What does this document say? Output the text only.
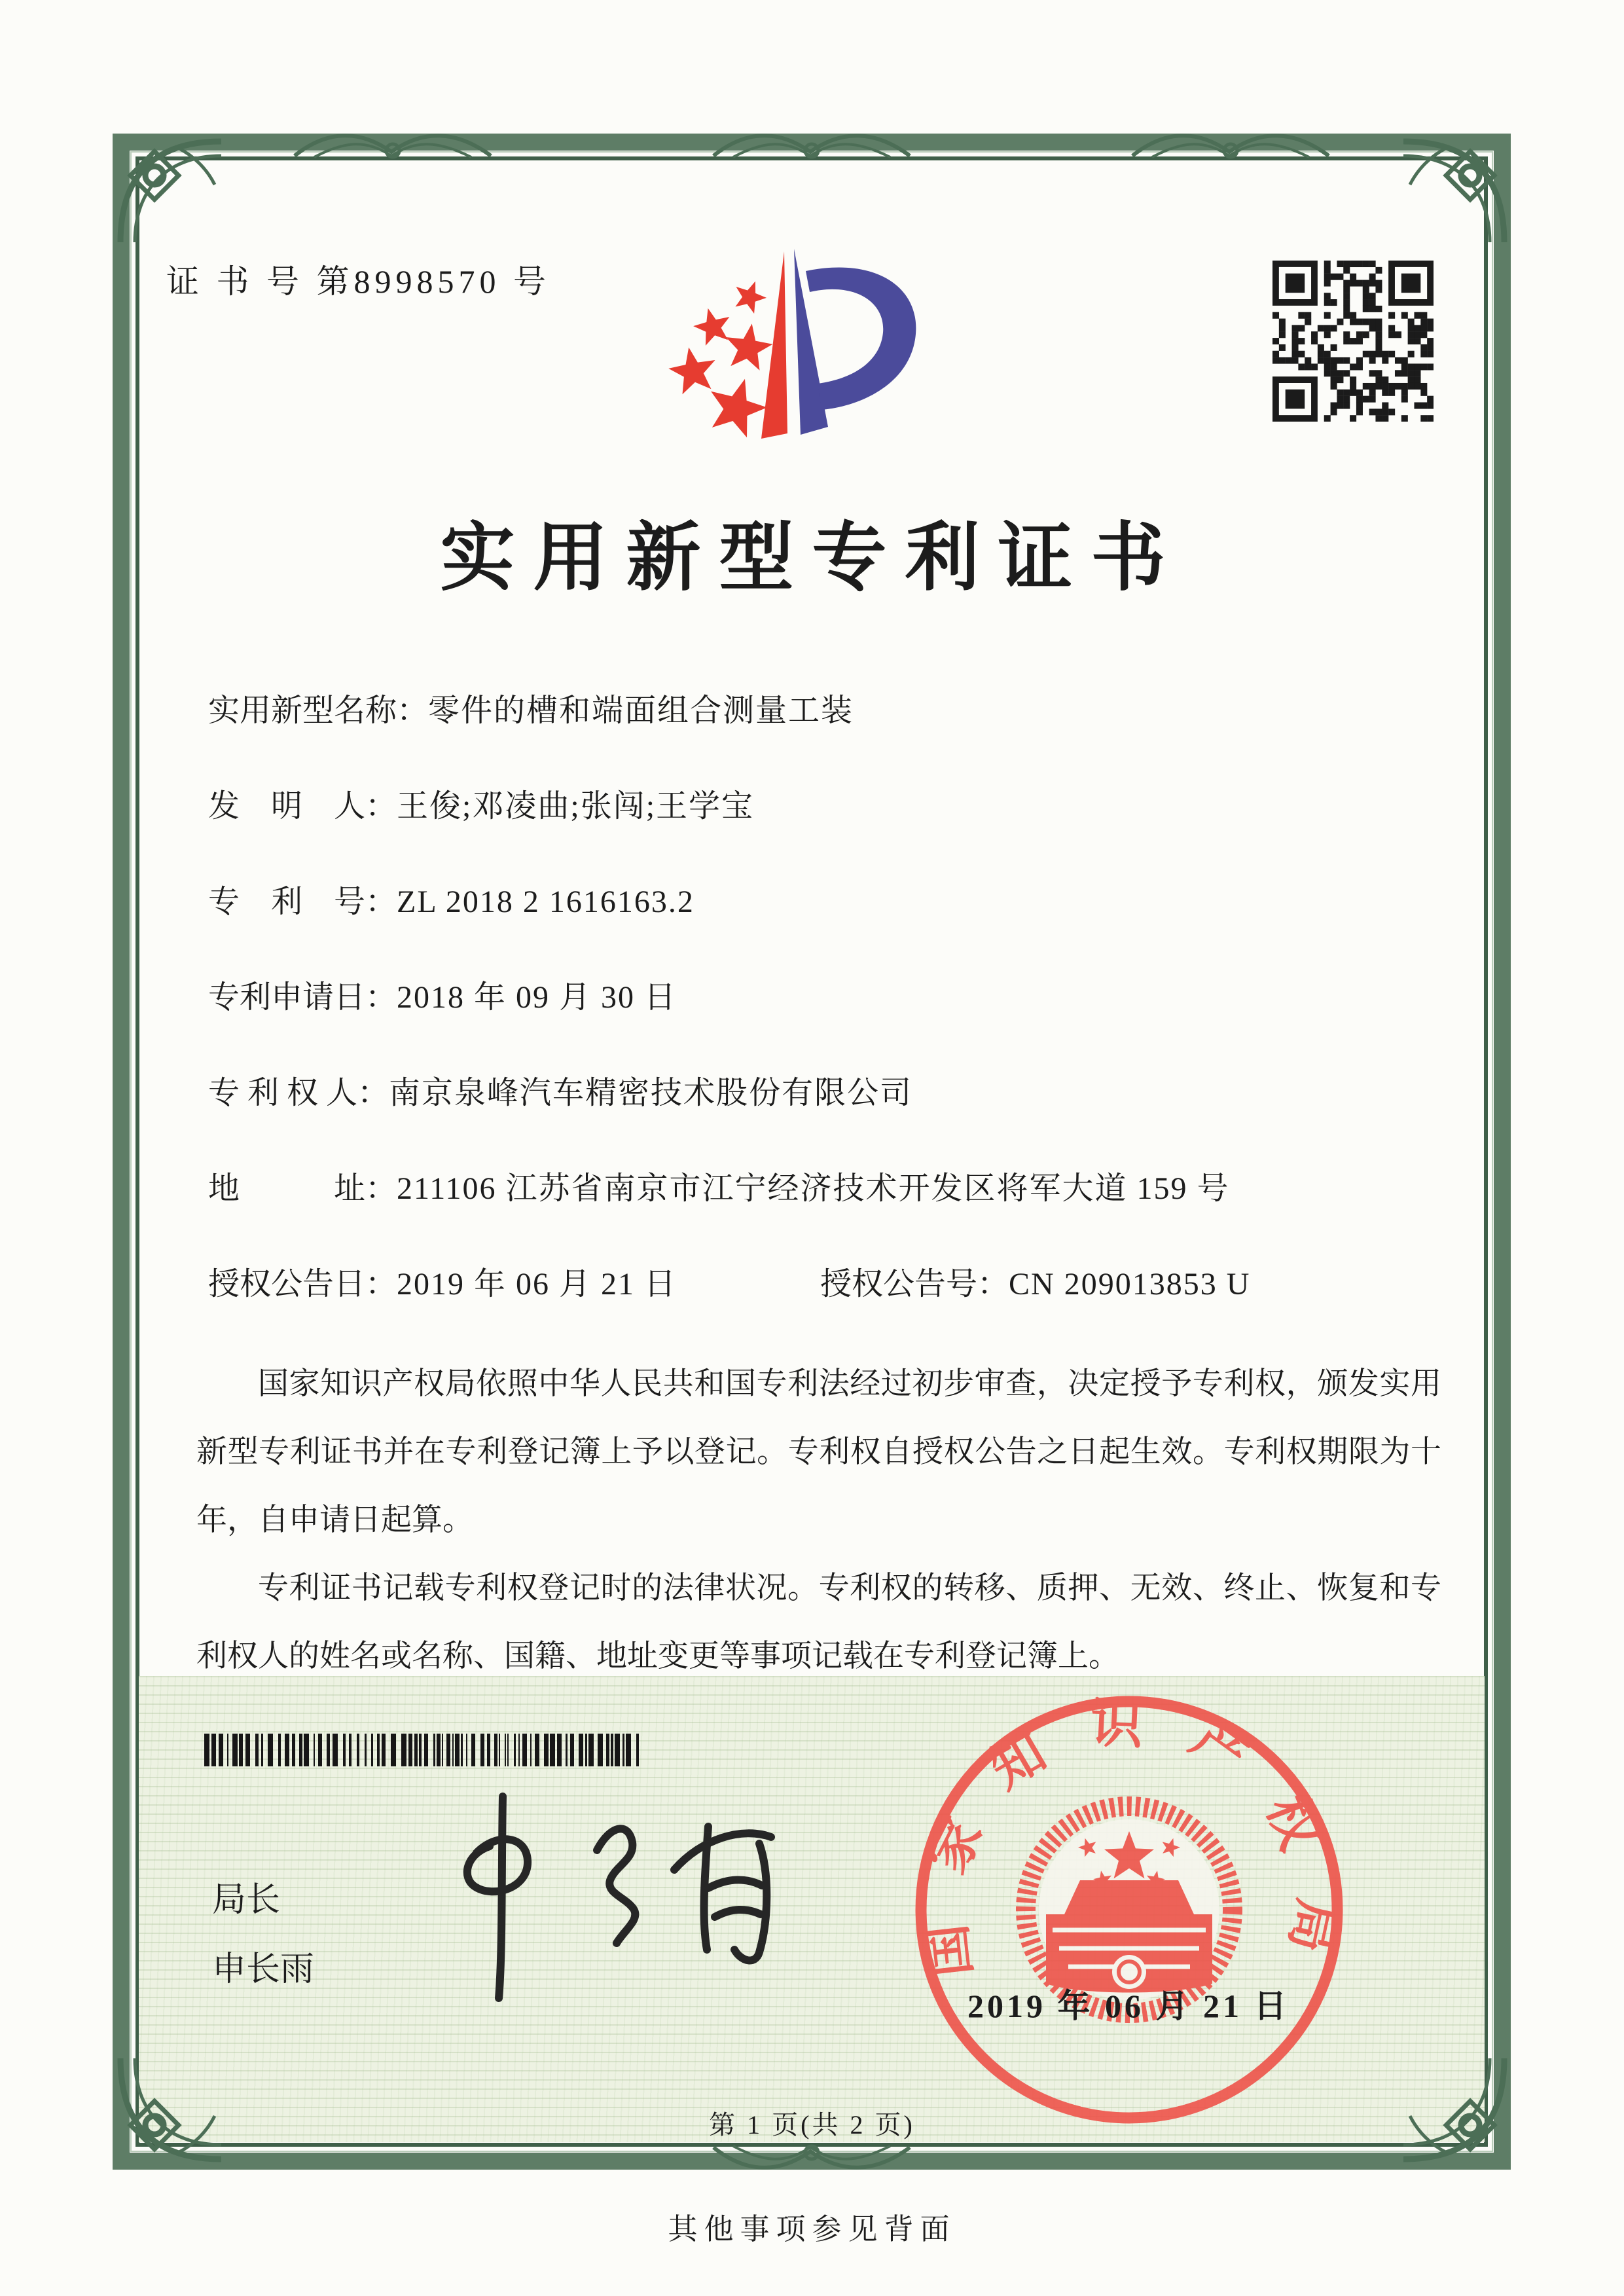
证 书 号 第8998570 号
实用新型专利证书
实用新型名称： 零件的槽和端面组合测量工装
发　明　人： 王俊;邓凌曲;张闯;王学宝
专　利　号： ZL 2018 2 1616163.2
专利申请日： 2018 年 09 月 30 日
专 利 权 人： 南京泉峰汽车精密技术股份有限公司
地　　　址： 211106 江苏省南京市江宁经济技术开发区将军大道 159 号
授权公告日： 2019 年 06 月 21 日	授权公告号： CN 209013853 U

国家知识产权局依照中华人民共和国专利法经过初步审查，决定授予专利权，颁发实用新型专利证书并在专利登记簿上予以登记。专利权自授权公告之日起生效。专利权期限为十年，自申请日起算。

专利证书记载专利权登记时的法律状况。专利权的转移、质押、无效、终止、恢复和专利权人的姓名或名称、国籍、地址变更等事项记载在专利登记簿上。

局长
申长雨	国家知识产权局
2019 年 06 月 21 日
第 1 页(共 2 页)
其他事项参见背面
